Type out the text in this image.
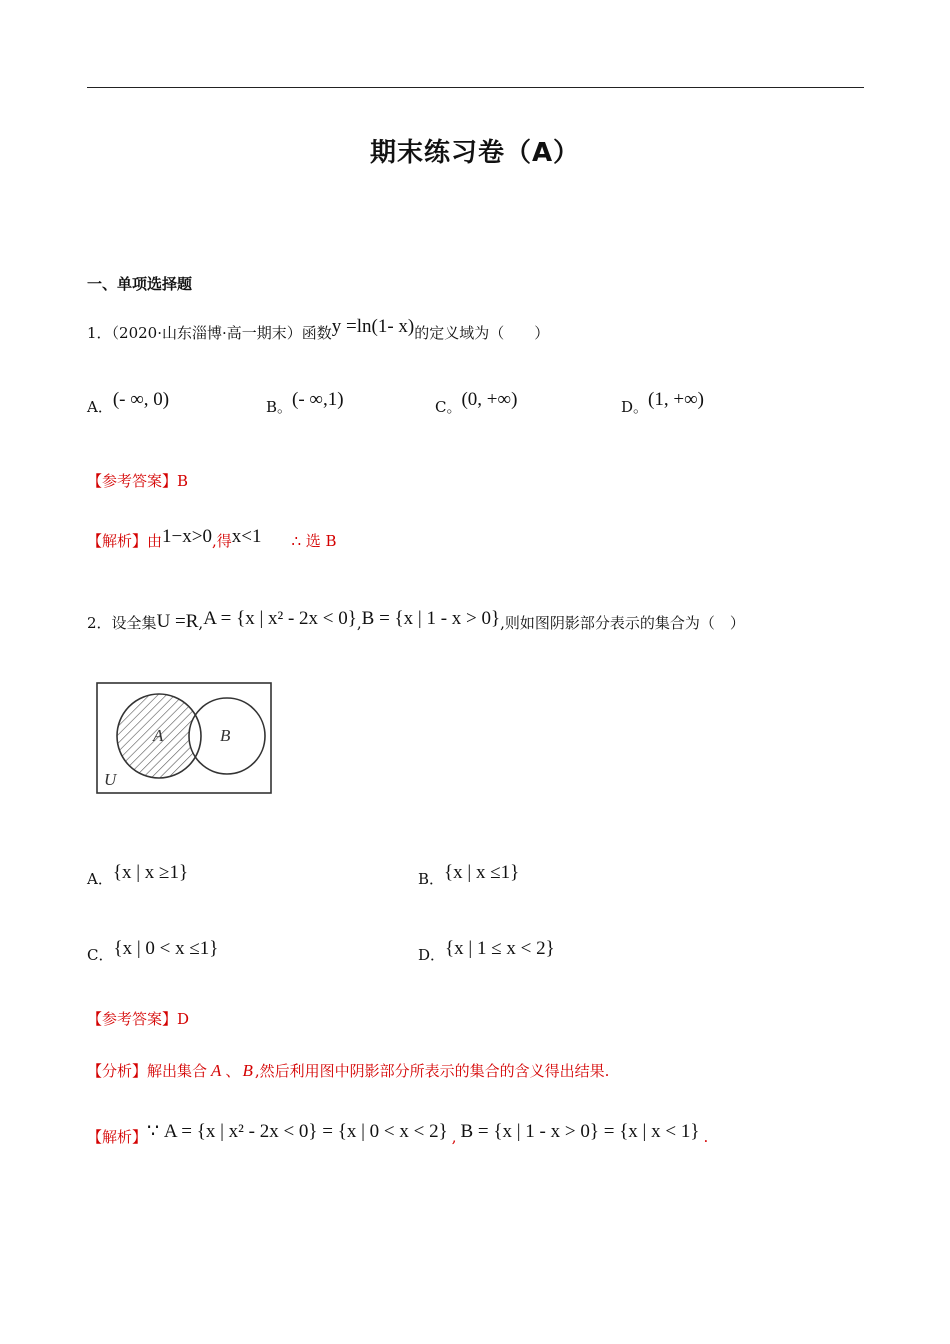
期末练习卷（A）
一、单项选择题
1．（2020·山东淄博·高一期末）函数y =ln(1- x)的定义域为（　　）
A．(- ∞, 0)	B。(- ∞,1)	C。(0, +∞)	D。(1, +∞)
【参考答案】B
【解析】由1−x>0,得x<1 ∴ 选 B
2．设全集U =R,A = {x | x² - 2x < 0},B = {x | 1 - x > 0},则如图阴影部分表示的集合为（　）
A	B
U
A．{x | x ≥1}	B．{x | x ≤1}
C．{x | 0 < x ≤1}	D．{x | 1 ≤ x < 2}
【参考答案】D
【分析】解出集合 A 、 B ,然后利用图中阴影部分所表示的集合的含义得出结果.
【解析】∵ A = {x | x² - 2x < 0} = {x | 0 < x < 2} , B = {x | 1 - x > 0} = {x | x < 1} .
